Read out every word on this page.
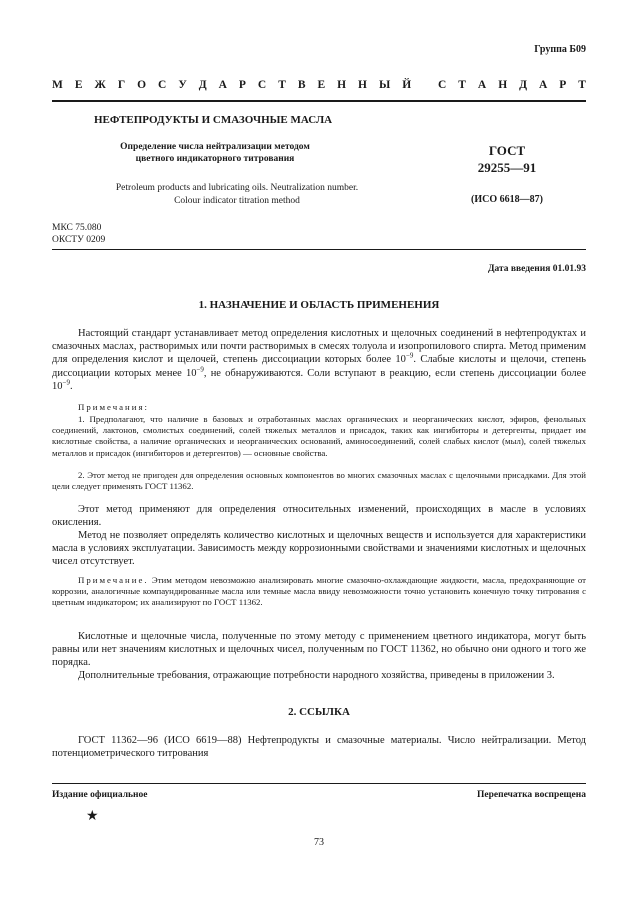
Группа Б09
М Е Ж Г О С У Д А Р С Т В Е Н Н Ы Й
С Т А Н Д А Р Т
НЕФТЕПРОДУКТЫ И СМАЗОЧНЫЕ МАСЛА
Определение числа нейтрализации методом цветного индикаторного титрования
ГОСТ
29255—91
Petroleum products and lubricating oils. Neutralization number. Colour indicator titration method	(ИСО 6618—87)
МКС 75.080
ОКСТУ 0209
Дата введения 01.01.93
1. НАЗНАЧЕНИЕ И ОБЛАСТЬ ПРИМЕНЕНИЯ
Настоящий стандарт устанавливает метод определения кислотных и щелочных соединений в нефтепродуктах и смазочных маслах, растворимых или почти растворимых в смесях толуола и изопропилового спирта. Метод применим для определения кислот и щелочей, степень диссоциации которых более $10^{-9}$. Слабые кислоты и щелочи, степень диссоциации которых менее $10^{-9}$, не обнаруживаются. Соли вступают в реакцию, если степень диссоциации более $10^{-9}$.
Примечания:
1. Предполагают, что наличие в базовых и отработанных маслах органических и неорганических кислот, эфиров, фенольных соединений, лактонов, смолистых соединений, солей тяжелых металлов и присадок, таких как ингибиторы и детергенты, придает им кислотные свойства, а наличие органических и неорганических оснований, аминосоединений, солей слабых кислот (мыл), солей тяжелых металлов и присадок (ингибиторов и детергентов) — основные свойства.
2. Этот метод не пригоден для определения основных компонентов во многих смазочных маслах с щелочными присадками. Для этой цели следует применять ГОСТ 11362.
Этот метод применяют для определения относительных изменений, происходящих в масле в условиях окисления.
Метод не позволяет определять количество кислотных и щелочных веществ и используется для характеристики масла в условиях эксплуатации. Зависимость между коррозионными свойствами и значениями кислотных и щелочных чисел отсутствует.
Примечание. Этим методом невозможно анализировать многие смазочно-охлаждающие жидкости, масла, предохраняющие от коррозии, аналогичные компаундированные масла или темные масла ввиду невозможности точно установить конечную точку титрования с цветным индикатором; их анализируют по ГОСТ 11362.
Кислотные и щелочные числа, полученные по этому методу с применением цветного индикатора, могут быть равны или нет значениям кислотных и щелочных чисел, полученным по ГОСТ 11362, но обычно они одного и того же порядка.
Дополнительные требования, отражающие потребности народного хозяйства, приведены в приложении 3.
2. ССЫЛКА
ГОСТ 11362—96 (ИСО 6619—88) Нефтепродукты и смазочные материалы. Число нейтрализации. Метод потенциометрического титрования
Издание официальное	Перепечатка воспрещена
★
73
